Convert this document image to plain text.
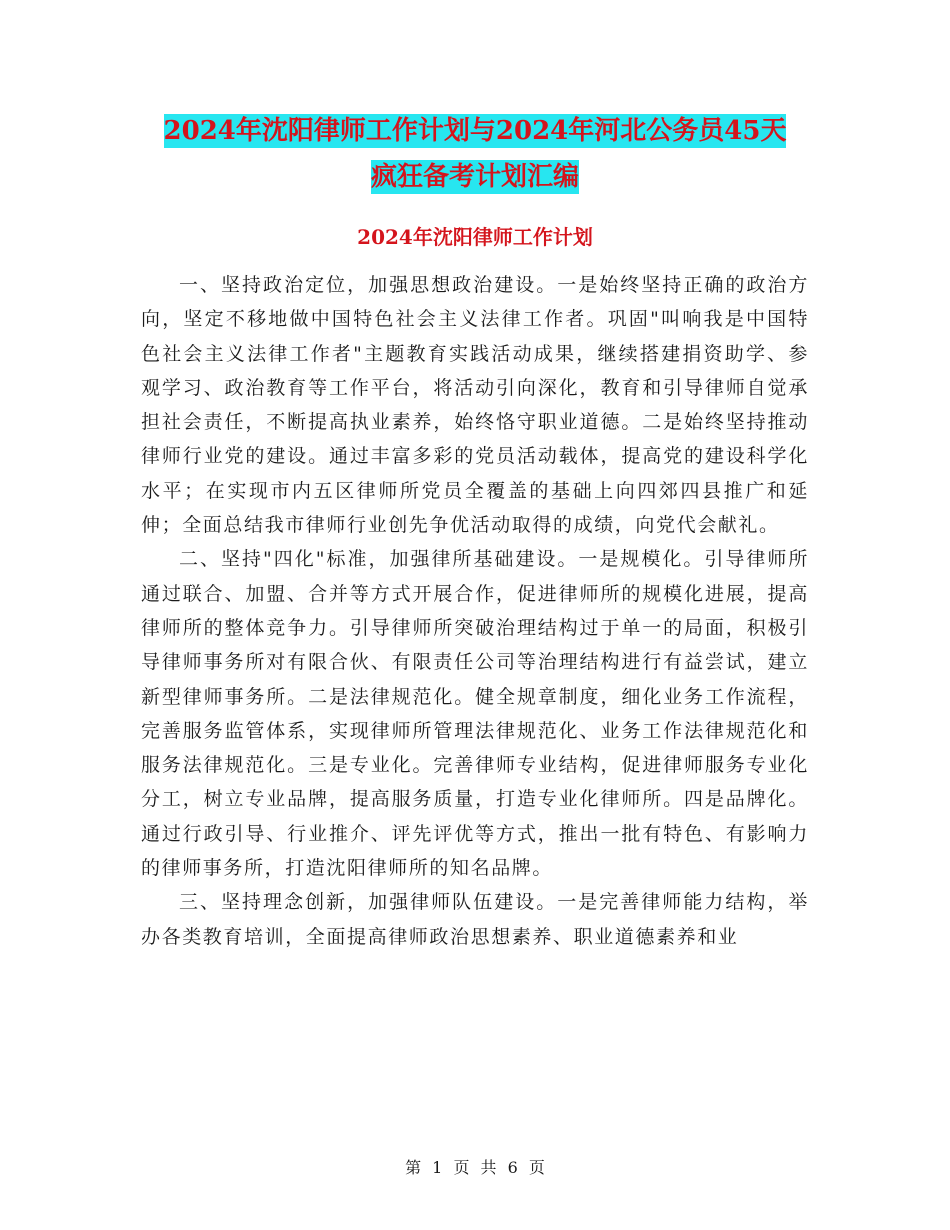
2024年沈阳律师工作计划与2024年河北公务员45天
疯狂备考计划汇编
2024年沈阳律师工作计划

一、坚持政治定位，加强思想政治建设。一是始终坚持正确的政治方向，坚定不移地做中国特色社会主义法律工作者。巩固"叫响我是中国特色社会主义法律工作者"主题教育实践活动成果，继续搭建捐资助学、参观学习、政治教育等工作平台，将活动引向深化，教育和引导律师自觉承担社会责任，不断提高执业素养，始终恪守职业道德。二是始终坚持推动律师行业党的建设。通过丰富多彩的党员活动载体，提高党的建设科学化水平；在实现市内五区律师所党员全覆盖的基础上向四郊四县推广和延伸；全面总结我市律师行业创先争优活动取得的成绩，向党代会献礼。

二、坚持"四化"标准，加强律所基础建设。一是规模化。引导律师所通过联合、加盟、合并等方式开展合作，促进律师所的规模化进展，提高律师所的整体竞争力。引导律师所突破治理结构过于单一的局面，积极引导律师事务所对有限合伙、有限责任公司等治理结构进行有益尝试，建立新型律师事务所。二是法律规范化。健全规章制度，细化业务工作流程，完善服务监管体系，实现律师所管理法律规范化、业务工作法律规范化和服务法律规范化。三是专业化。完善律师专业结构，促进律师服务专业化分工，树立专业品牌，提高服务质量，打造专业化律师所。四是品牌化。通过行政引导、行业推介、评先评优等方式，推出一批有特色、有影响力的律师事务所，打造沈阳律师所的知名品牌。

三、坚持理念创新，加强律师队伍建设。一是完善律师能力结构，举办各类教育培训，全面提高律师政治思想素养、职业道德素养和业

第 1 页 共 6 页
